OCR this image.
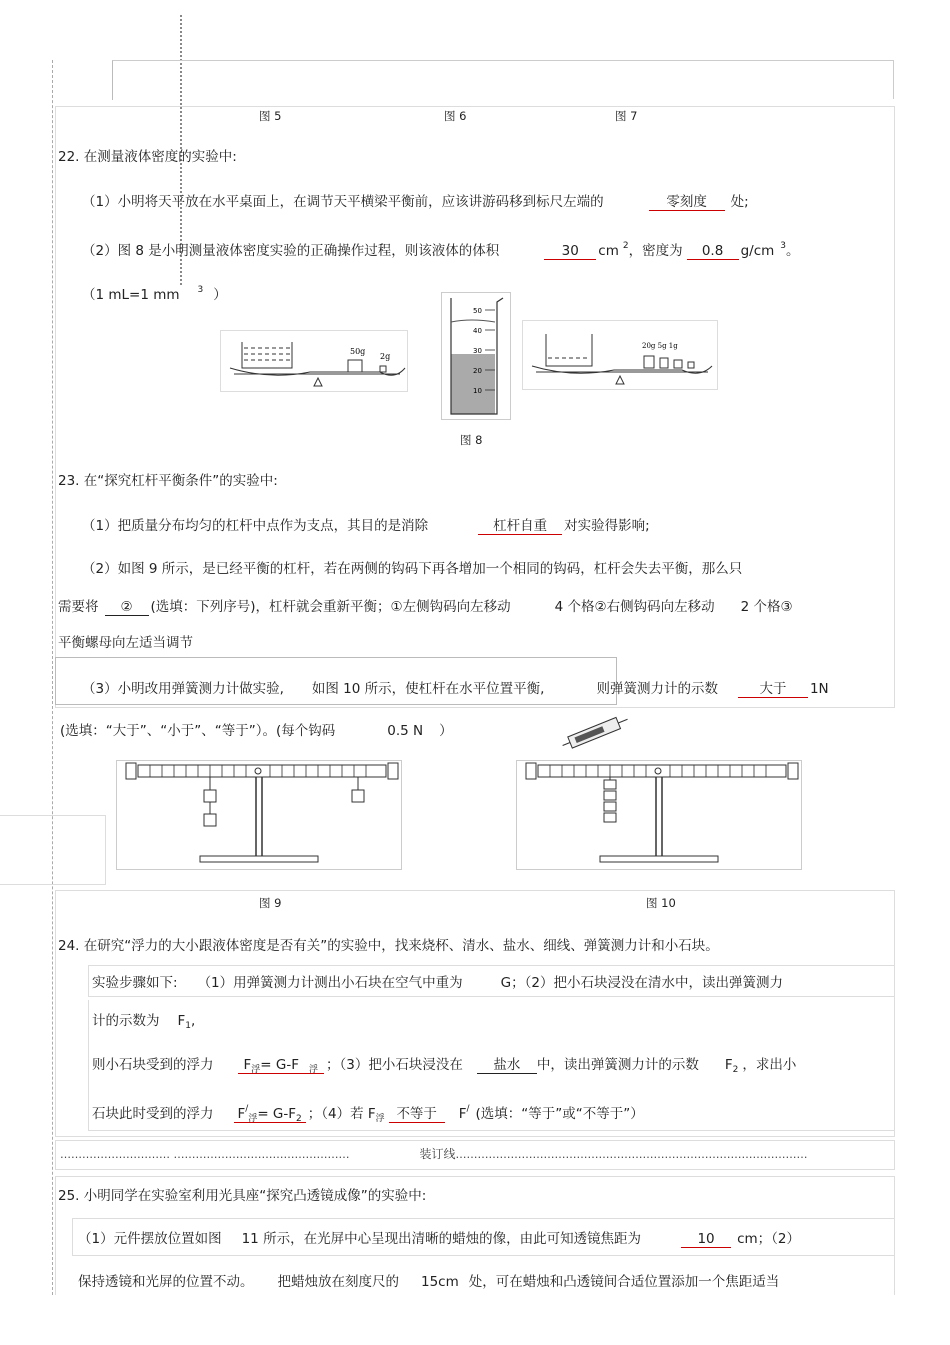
图 5	图 6	图 7
22. 在测量液体密度的实验中:
（1）小明将天平放在水平桌面上，在调节天平横梁平衡前，应该讲游码移到标尺左端的	零刻度 处;
（2）图 8 是小明测量液体密度实验的正确操作过程，则该液体的体积	30 cm $^2$，密度为 0.8 g/cm $^3$。
（1 mL=1 mm $^3$ ）
50g
2g
50
40
30
20
10
20g 5g 1g
图 8
23. 在“探究杠杆平衡条件”的实验中:
（1）把质量分布均匀的杠杆中点作为支点，其目的是消除	杠杆自重 对实验得影响;
（2）如图 9 所示，是已经平衡的杠杆，若在两侧的钩码下再各增加一个相同的钩码，杠杆会失去平衡，那么只
需要将 ② (选填：下列序号)，杠杆就会重新平衡；①左侧钩码向左移动	4 个格②右侧钩码向左移动 2 个格③
平衡螺母向左适当调节
（3）小明改用弹簧测力计做实验, 如图 10 所示，使杠杆在水平位置平衡,	则弹簧测力计的示数	大于 1N
(选填：“大于”、“小于”、“等于”）。(每个钩码	0.5 N ）
图 9	图 10
24. 在研究“浮力的大小跟液体密度是否有关”的实验中，找来烧杯、清水、盐水、细线、弹簧测力计和小石块。
实验步骤如下: （1）用弹簧测力计测出小石块在空气中重为	G；（2）把小石块浸没在清水中，读出弹簧测力
计的示数为 $F_1$,
则小石块受到的浮力 $F_浮= G-F$ $_浮$ ；（3）把小石块浸没在 盐水 中，读出弹簧测力计的示数 $F_2$ ，求出小
石块此时受到的浮力 $F^/_浮= G-F_2$ ；（4）若 $F_浮$ 不等于 F/ (选填：“等于”或“不等于”）
………………………… …………………………………………	装订线……………………………………………………………………………………
25. 小明同学在实验室利用光具座“探究凸透镜成像”的实验中:
（1）元件摆放位置如图 11 所示，在光屏中心呈现出清晰的蜡烛的像，由此可知透镜焦距为	10 cm；（2）
保持透镜和光屏的位置不动。 把蜡烛放在刻度尺的 15cm 处，可在蜡烛和凸透镜间合适位置添加一个焦距适当
